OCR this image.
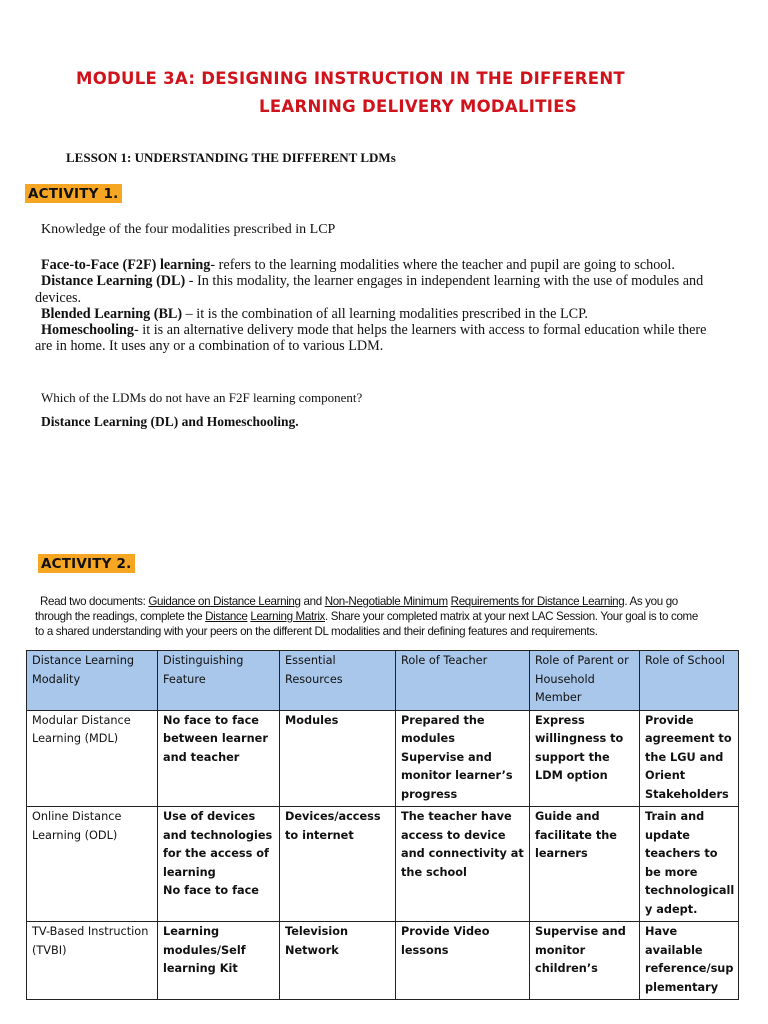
MODULE 3A: DESIGNING INSTRUCTION IN THE DIFFERENT
LEARNING DELIVERY MODALITIES
LESSON 1: UNDERSTANDING THE DIFFERENT LDMs
ACTIVITY 1.
Knowledge of the four modalities prescribed in LCP
Face-to-Face (F2F) learning- refers to the learning modalities where the teacher and pupil are going to school.
Distance Learning (DL) - In this modality, the learner engages in independent learning with the use of modules and devices.
Blended Learning (BL) – it is the combination of all learning modalities prescribed in the LCP.
Homeschooling- it is an alternative delivery mode that helps the learners with access to formal education while there are in home. It uses any or a combination of to various LDM.
Which of the LDMs do not have an F2F learning component?
Distance Learning (DL) and Homeschooling.
ACTIVITY 2.
Read two documents: Guidance on Distance Learning and Non-Negotiable Minimum Requirements for Distance Learning. As you go through the readings, complete the Distance Learning Matrix. Share your completed matrix at your next LAC Session. Your goal is to come to a shared understanding with your peers on the different DL modalities and their defining features and requirements.
Distance Learning Modality	Distinguishing Feature	Essential Resources	Role of Teacher	Role of Parent or Household Member	Role of School

Modular Distance Learning (MDL)	No face to face between learner and teacher	Modules	Prepared the modules
Supervise and monitor learner’s progress	Express willingness to support the LDM option	Provide agreement to the LGU and Orient Stakeholders

Online Distance Learning (ODL)	Use of devices and technologies for the access of learning
No face to face	Devices/access to internet	The teacher have access to device and connectivity at the school	Guide and facilitate the learners	Train and update teachers to be more technologicall y adept.

TV-Based Instruction (TVBI)	Learning modules/Self learning Kit	Television Network	Provide Video lessons	Supervise and monitor children’s	Have available reference/sup plementary
